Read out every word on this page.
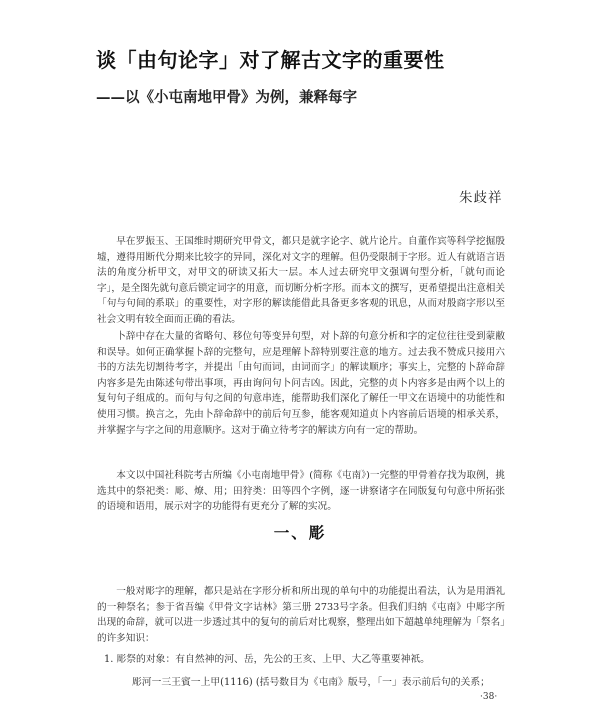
谈「由句论字」对了解古文字的重要性
——以《小屯南地甲骨》为例，兼释每字
朱歧祥

早在罗振玉、王国维时期研究甲骨文，都只是就字论字、就片论片。自董作宾等科学挖掘殷墟，遵得用断代分期来比较字的异同，深化对文字的理解。但仍受限制于字形。近人有就语言语法的角度分析甲文，对甲文的研读又拓大一层。本人过去研究甲文强调句型分析，「就句而论字」，是全图先就句意后锁定词字的用意，而切断分析字形。而本文的撰写，更希望提出注意相关「句与句间的系联」的重要性，对字形的解读能借此具备更多客观的讯息，从而对殷商字形以至社会文明有较全面而正确的看法。

卜辞中存在大量的省略句、移位句等变异句型，对卜辞的句意分析和字的定位往往受到蒙敝和误导。如何正确掌握卜辞的完整句，应是理解卜辞特别要注意的地方。过去我不赞成只接用六书的方法先切割待考字，并提出「由句而词，由词而字」的解读顺序；事实上，完整的卜辞命辞内容多是先由陈述句带出事项，再由询问句卜问吉凶。因此，完整的贞卜内容多是由两个以上的复句句子组成的。而句与句之间的句意串连，能帮助我们深化了解任一甲文在语境中的功能性和使用习惯。换言之，先由卜辞命辞中的前后句互参，能客观知道贞卜内容前后语境的相承关系，并掌握字与字之间的用意顺序。这对于确立待考字的解读方向有一定的帮助。

本文以中国社科院考古所编《小屯南地甲骨》(简称《屯南》)一完整的甲骨着存找为取例，挑选其中的祭祀类：彫、燎、用；田狩类：田等四个字例，逐一讲察诸字在同版复句句意中所拓张的语境和语用，展示对字的功能得有更充分了解的实况。

一、彫

一般对彫字的理解，都只是站在字形分析和所出现的单句中的功能提出看法，认为是用酒礼的一种祭名；参于省吾编《甲骨文字诂林》第三册 2733号字条。但我们归纳《屯南》中彫字所出现的命辞，就可以进一步透过其中的复句的前后对比观察，整理出如下超越单纯理解为「祭名」的许多知识：

1. 彫祭的对象：有自然神的河、岳，先公的王亥、上甲、大乙等重要神祇。
彫河一三王賓一上甲(1116) (括号数目为《屯南》版号，「一」表示前后句的关系；
·38·
